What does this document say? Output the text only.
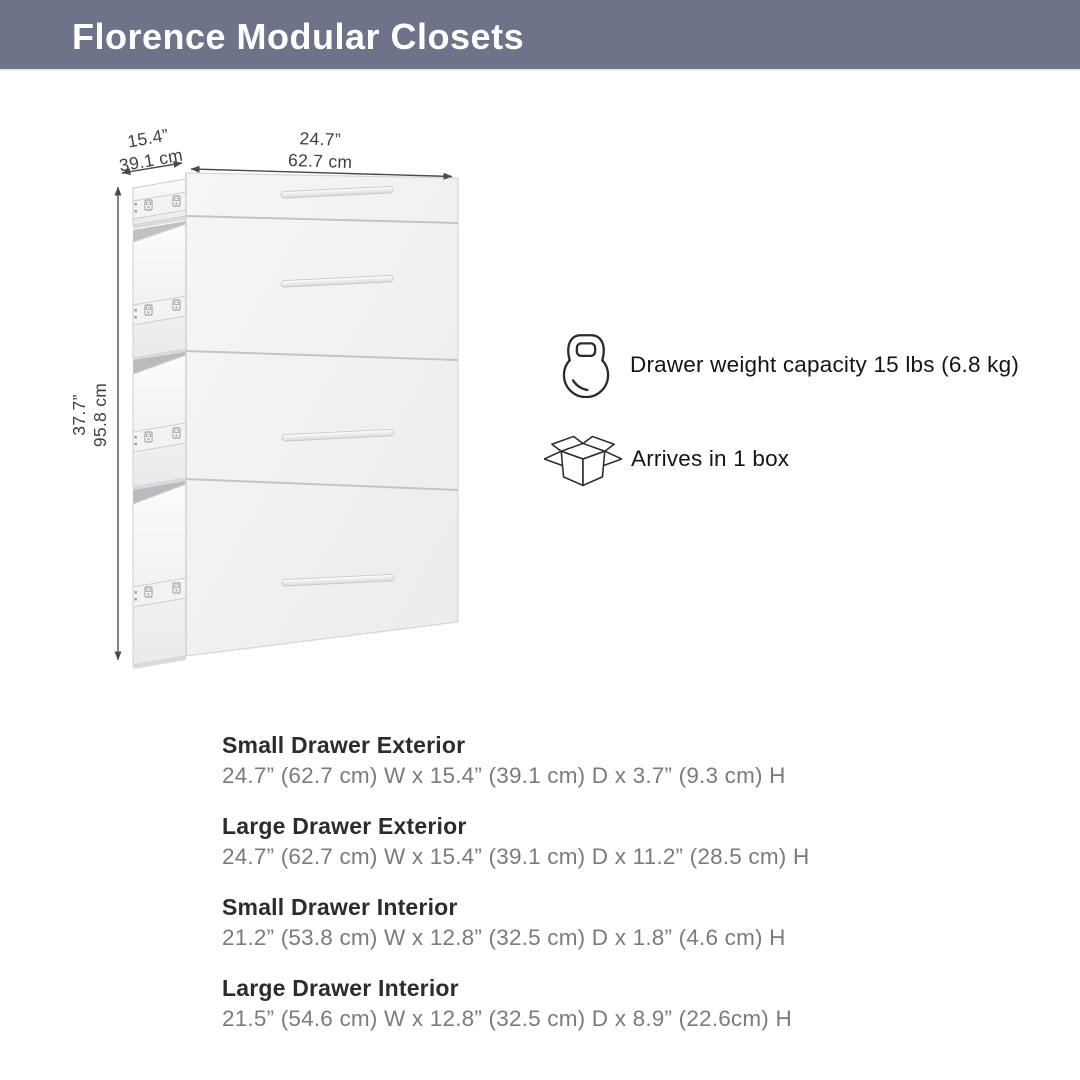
Florence Modular Closets
37.7” 95.8 cm
15.4”
39.1 cm
24.7”
62.7 cm
Drawer weight capacity 15 lbs (6.8 kg)
Arrives in 1 box
Small Drawer Exterior

24.7” (62.7 cm) W x 15.4” (39.1 cm) D x 3.7” (9.3 cm) H

Large Drawer Exterior

24.7” (62.7 cm) W x 15.4” (39.1 cm) D x 11.2” (28.5 cm) H

Small Drawer Interior

21.2” (53.8 cm) W x 12.8” (32.5 cm) D x 1.8” (4.6 cm) H

Large Drawer Interior

21.5” (54.6 cm) W x 12.8” (32.5 cm) D x 8.9” (22.6cm) H
